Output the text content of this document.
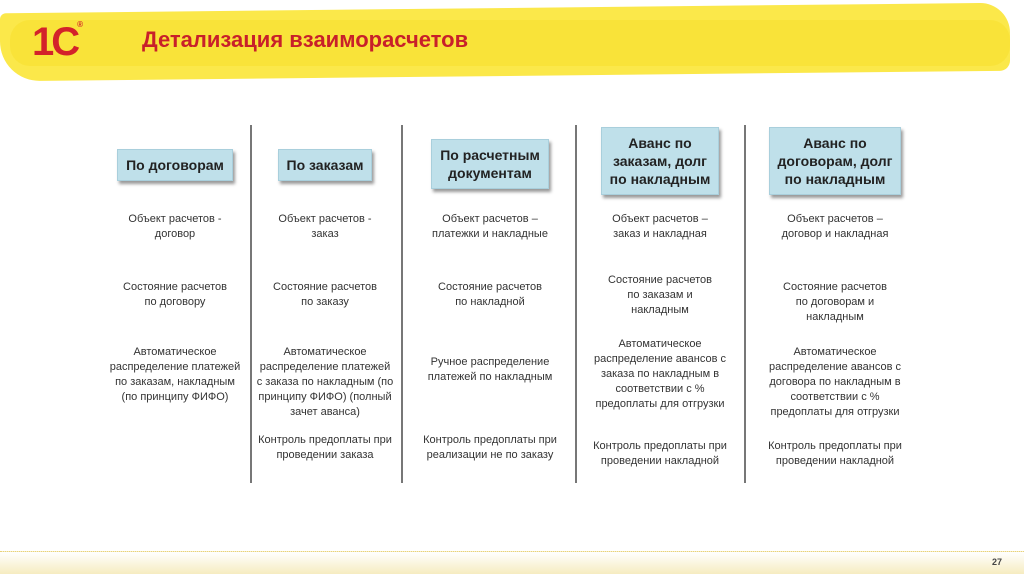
1С®
Детализация взаиморасчетов
По договорам
Объект расчетов -
договор
Состояние расчетов
по договору
Автоматическое
распределение платежей
по заказам, накладным
(по принципу ФИФО)
По заказам
Объект расчетов -
заказ
Состояние расчетов
по заказу
Автоматическое
распределение платежей
с заказа по накладным (по
принципу ФИФО) (полный
зачет аванса)
Контроль предоплаты при
проведении заказа
По расчетным
документам
Объект расчетов –
платежки и накладные
Состояние расчетов
по накладной
Ручное распределение
платежей по накладным
Контроль предоплаты при
реализации не по заказу
Аванс по
заказам, долг
по накладным
Объект расчетов –
заказ и накладная
Состояние расчетов
по заказам и
накладным
Автоматическое
распределение авансов с
заказа по накладным в
соответствии с %
предоплаты для отгрузки
Контроль предоплаты при
проведении накладной
Аванс по
договорам, долг
по накладным
Объект расчетов –
договор и накладная
Состояние расчетов
по договорам и
накладным
Автоматическое
распределение авансов с
договора по накладным в
соответствии с %
предоплаты для отгрузки
Контроль предоплаты при
проведении накладной
27
